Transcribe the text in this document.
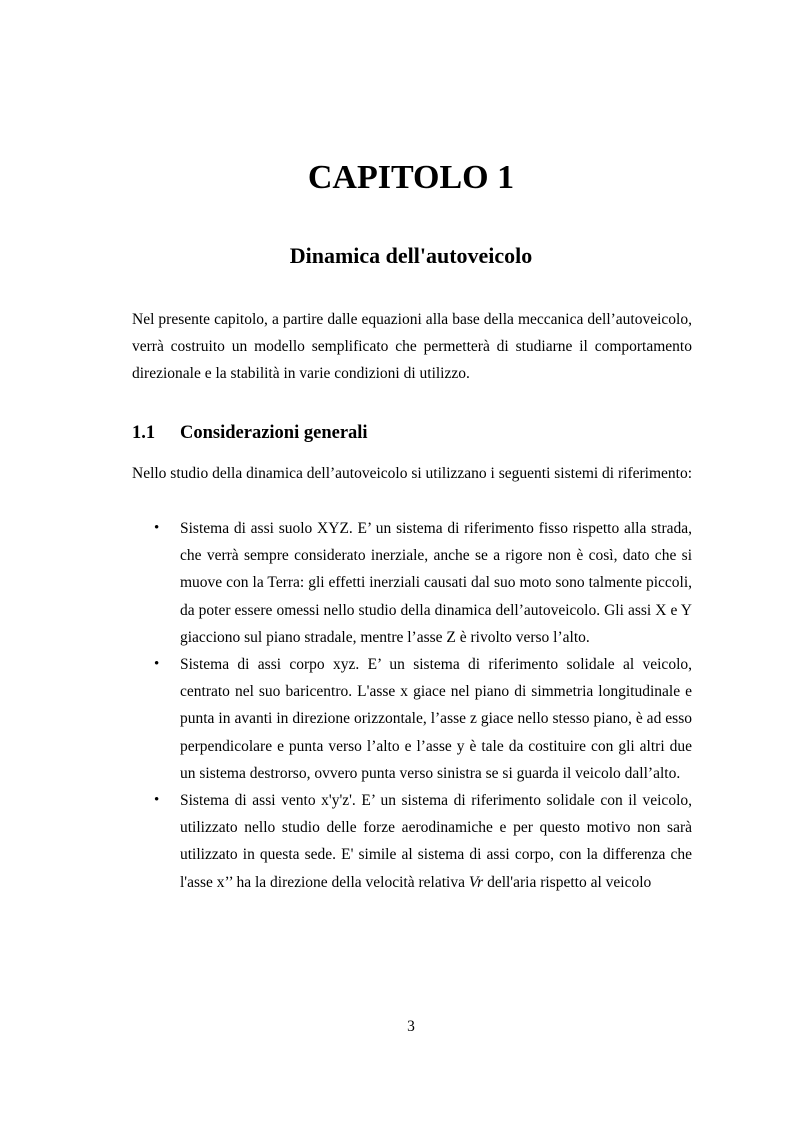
CAPITOLO 1
Dinamica dell'autoveicolo

Nel presente capitolo, a partire dalle equazioni alla base della meccanica dell’autoveicolo, verrà costruito un modello semplificato che permetterà di studiarne il comportamento direzionale e la stabilità in varie condizioni di utilizzo.

1.1 Considerazioni generali

Nello studio della dinamica dell’autoveicolo si utilizzano i seguenti sistemi di riferimento:

• Sistema di assi suolo XYZ. E’ un sistema di riferimento fisso rispetto alla strada, che verrà sempre considerato inerziale, anche se a rigore non è così, dato che si muove con la Terra: gli effetti inerziali causati dal suo moto sono talmente piccoli, da poter essere omessi nello studio della dinamica dell’autoveicolo. Gli assi X e Y giacciono sul piano stradale, mentre l’asse Z è rivolto verso l’alto.
• Sistema di assi corpo xyz. E’ un sistema di riferimento solidale al veicolo, centrato nel suo baricentro. L'asse x giace nel piano di simmetria longitudinale e punta in avanti in direzione orizzontale, l’asse z giace nello stesso piano, è ad esso perpendicolare e punta verso l’alto e l’asse y è tale da costituire con gli altri due un sistema destrorso, ovvero punta verso sinistra se si guarda il veicolo dall’alto.
• Sistema di assi vento x'y'z'. E’ un sistema di riferimento solidale con il veicolo, utilizzato nello studio delle forze aerodinamiche e per questo motivo non sarà utilizzato in questa sede. E' simile al sistema di assi corpo, con la differenza che l'asse x’’ ha la direzione della velocità relativa Vr dell'aria rispetto al veicolo

3
